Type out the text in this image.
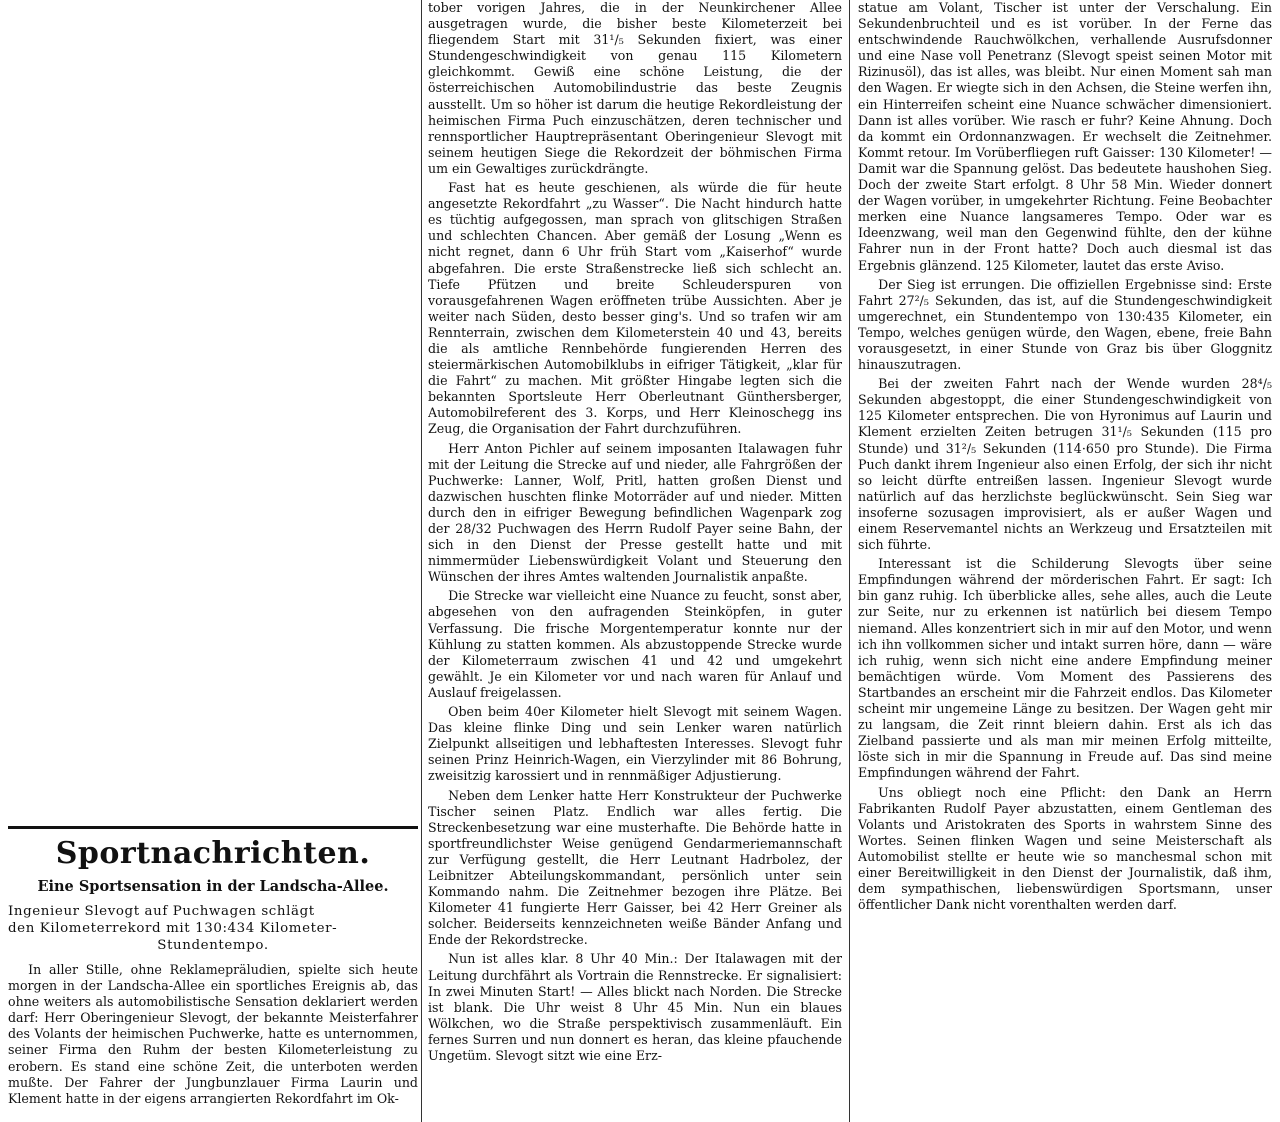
Sportnachrichten.
Eine Sportsensation in der Landscha-Allee.
Ingenieur Slevogt auf Puchwagen schlägt
den Kilometerrekord mit 130:434 Kilometer-
Stundentempo.

In aller Stille, ohne Reklamepräludien, spielte sich heute morgen in der Landscha-Allee ein sportliches Ereignis ab, das ohne weiters als automobilistische Sensation deklariert werden darf: Herr Oberingenieur Slevogt, der bekannte Meisterfahrer des Volants der heimischen Puchwerke, hatte es unternommen, seiner Firma den Ruhm der besten Kilometerleistung zu erobern. Es stand eine schöne Zeit, die unterboten werden mußte. Der Fahrer der Jungbunzlauer Firma Laurin und Klement hatte in der eigens arrangierten Rekordfahrt im Ok-

tober vorigen Jahres, die in der Neunkirchener Allee ausgetragen wurde, die bisher beste Kilometerzeit bei fliegendem Start mit 31¹/₅ Sekunden fixiert, was einer Stundengeschwindigkeit von genau 115 Kilometern gleichkommt. Gewiß eine schöne Leistung, die der österreichischen Automobilindustrie das beste Zeugnis ausstellt. Um so höher ist darum die heutige Rekordleistung der heimischen Firma Puch einzuschätzen, deren technischer und rennsportlicher Hauptrepräsentant Oberingenieur Slevogt mit seinem heutigen Siege die Rekordzeit der böhmischen Firma um ein Gewaltiges zurückdrängte.

Fast hat es heute geschienen, als würde die für heute angesetzte Rekordfahrt „zu Wasser“. Die Nacht hindurch hatte es tüchtig aufgegossen, man sprach von glitschigen Straßen und schlechten Chancen. Aber gemäß der Losung „Wenn es nicht regnet, dann 6 Uhr früh Start vom „Kaiserhof“ wurde abgefahren. Die erste Straßenstrecke ließ sich schlecht an. Tiefe Pfützen und breite Schleuderspuren von vorausgefahrenen Wagen eröffneten trübe Aussichten. Aber je weiter nach Süden, desto besser ging's. Und so trafen wir am Rennterrain, zwischen dem Kilometerstein 40 und 43, bereits die als amtliche Rennbehörde fungierenden Herren des steiermärkischen Automobilklubs in eifriger Tätigkeit, „klar für die Fahrt“ zu machen. Mit größter Hingabe legten sich die bekannten Sportsleute Herr Oberleutnant Günthersberger, Automobilreferent des 3. Korps, und Herr Kleinoschegg ins Zeug, die Organisation der Fahrt durchzuführen.

Herr Anton Pichler auf seinem imposanten Italawagen fuhr mit der Leitung die Strecke auf und nieder, alle Fahrgrößen der Puchwerke: Lanner, Wolf, Pritl, hatten großen Dienst und dazwischen huschten flinke Motorräder auf und nieder. Mitten durch den in eifriger Bewegung befindlichen Wagenpark zog der 28/32 Puchwagen des Herrn Rudolf Payer seine Bahn, der sich in den Dienst der Presse gestellt hatte und mit nimmermüder Liebenswürdigkeit Volant und Steuerung den Wünschen der ihres Amtes waltenden Journalistik anpaßte.

Die Strecke war vielleicht eine Nuance zu feucht, sonst aber, abgesehen von den aufragenden Steinköpfen, in guter Verfassung. Die frische Morgentemperatur konnte nur der Kühlung zu statten kommen. Als abzustoppende Strecke wurde der Kilometerraum zwischen 41 und 42 und umgekehrt gewählt. Je ein Kilometer vor und nach waren für Anlauf und Auslauf freigelassen.

Oben beim 40er Kilometer hielt Slevogt mit seinem Wagen. Das kleine flinke Ding und sein Lenker waren natürlich Zielpunkt allseitigen und lebhaftesten Interesses. Slevogt fuhr seinen Prinz Heinrich-Wagen, ein Vierzylinder mit 86 Bohrung, zweisitzig karossiert und in rennmäßiger Adjustierung.

Neben dem Lenker hatte Herr Konstrukteur der Puchwerke Tischer seinen Platz. Endlich war alles fertig. Die Streckenbesetzung war eine musterhafte. Die Behörde hatte in sportfreundlichster Weise genügend Gendarmeriemannschaft zur Verfügung gestellt, die Herr Leutnant Hadrbolez, der Leibnitzer Abteilungskommandant, persönlich unter sein Kommando nahm. Die Zeitnehmer bezogen ihre Plätze. Bei Kilometer 41 fungierte Herr Gaisser, bei 42 Herr Greiner als solcher. Beiderseits kennzeichneten weiße Bänder Anfang und Ende der Rekordstrecke.

Nun ist alles klar. 8 Uhr 40 Min.: Der Italawagen mit der Leitung durchfährt als Vortrain die Rennstrecke. Er signalisiert: In zwei Minuten Start! — Alles blickt nach Norden. Die Strecke ist blank. Die Uhr weist 8 Uhr 45 Min. Nun ein blaues Wölkchen, wo die Straße perspektivisch zusammenläuft. Ein fernes Surren und nun donnert es heran, das kleine pfauchende Ungetüm. Slevogt sitzt wie eine Erz-

statue am Volant, Tischer ist unter der Verschalung. Ein Sekundenbruchteil und es ist vorüber. In der Ferne das entschwindende Rauchwölkchen, verhallende Ausrufsdonner und eine Nase voll Penetranz (Slevogt speist seinen Motor mit Rizinusöl), das ist alles, was bleibt. Nur einen Moment sah man den Wagen. Er wiegte sich in den Achsen, die Steine werfen ihn, ein Hinterreifen scheint eine Nuance schwächer dimensioniert. Dann ist alles vorüber. Wie rasch er fuhr? Keine Ahnung. Doch da kommt ein Ordonnanzwagen. Er wechselt die Zeitnehmer. Kommt retour. Im Vorüberfliegen ruft Gaisser: 130 Kilometer! — Damit war die Spannung gelöst. Das bedeutete haushohen Sieg. Doch der zweite Start erfolgt. 8 Uhr 58 Min. Wieder donnert der Wagen vorüber, in umgekehrter Richtung. Feine Beobachter merken eine Nuance langsameres Tempo. Oder war es Ideenzwang, weil man den Gegenwind fühlte, den der kühne Fahrer nun in der Front hatte? Doch auch diesmal ist das Ergebnis glänzend. 125 Kilometer, lautet das erste Aviso.

Der Sieg ist errungen. Die offiziellen Ergebnisse sind: Erste Fahrt 27²/₅ Sekunden, das ist, auf die Stundengeschwindigkeit umgerechnet, ein Stundentempo von 130:435 Kilometer, ein Tempo, welches genügen würde, den Wagen, ebene, freie Bahn vorausgesetzt, in einer Stunde von Graz bis über Gloggnitz hinauszutragen.

Bei der zweiten Fahrt nach der Wende wurden 28⁴/₅ Sekunden abgestoppt, die einer Stundengeschwindigkeit von 125 Kilometer entsprechen. Die von Hyronimus auf Laurin und Klement erzielten Zeiten betrugen 31¹/₅ Sekunden (115 pro Stunde) und 31²/₅ Sekunden (114·650 pro Stunde). Die Firma Puch dankt ihrem Ingenieur also einen Erfolg, der sich ihr nicht so leicht dürfte entreißen lassen. Ingenieur Slevogt wurde natürlich auf das herzlichste beglückwünscht. Sein Sieg war insoferne sozusagen improvisiert, als er außer Wagen und einem Reservemantel nichts an Werkzeug und Ersatzteilen mit sich führte.

Interessant ist die Schilderung Slevogts über seine Empfindungen während der mörderischen Fahrt. Er sagt: Ich bin ganz ruhig. Ich überblicke alles, sehe alles, auch die Leute zur Seite, nur zu erkennen ist natürlich bei diesem Tempo niemand. Alles konzentriert sich in mir auf den Motor, und wenn ich ihn vollkommen sicher und intakt surren höre, dann — wäre ich ruhig, wenn sich nicht eine andere Empfindung meiner bemächtigen würde. Vom Moment des Passierens des Startbandes an erscheint mir die Fahrzeit endlos. Das Kilometer scheint mir ungemeine Länge zu besitzen. Der Wagen geht mir zu langsam, die Zeit rinnt bleiern dahin. Erst als ich das Zielband passierte und als man mir meinen Erfolg mitteilte, löste sich in mir die Spannung in Freude auf. Das sind meine Empfindungen während der Fahrt.

Uns obliegt noch eine Pflicht: den Dank an Herrn Fabrikanten Rudolf Payer abzustatten, einem Gentleman des Volants und Aristokraten des Sports in wahrstem Sinne des Wortes. Seinen flinken Wagen und seine Meisterschaft als Automobilist stellte er heute wie so manchesmal schon mit einer Bereitwilligkeit in den Dienst der Journalistik, daß ihm, dem sympathischen, liebenswürdigen Sportsmann, unser öffentlicher Dank nicht vorenthalten werden darf.
